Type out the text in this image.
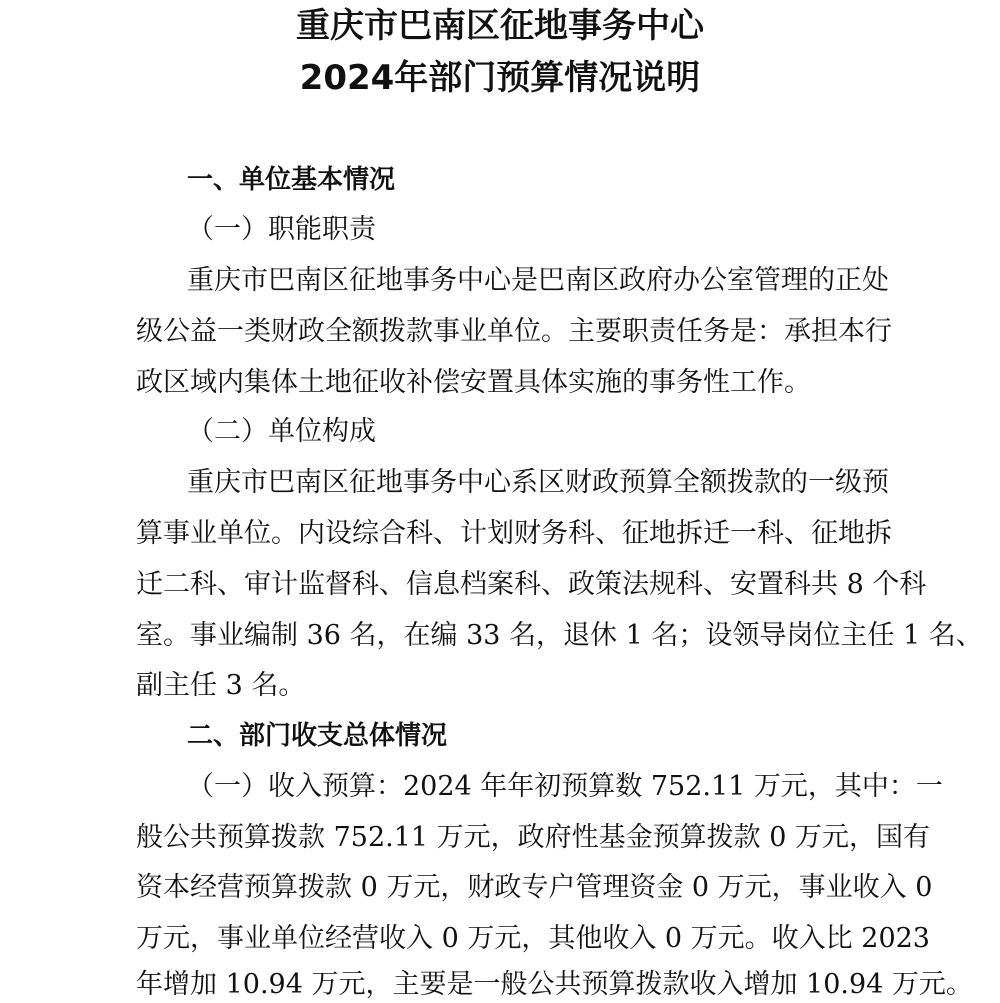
重庆市巴南区征地事务中心
2024年部门预算情况说明
一、单位基本情况
（一）职能职责
重庆市巴南区征地事务中心是巴南区政府办公室管理的正处
级公益一类财政全额拨款事业单位。主要职责任务是：承担本行
政区域内集体土地征收补偿安置具体实施的事务性工作。
（二）单位构成
重庆市巴南区征地事务中心系区财政预算全额拨款的一级预
算事业单位。内设综合科、计划财务科、征地拆迁一科、征地拆
迁二科、审计监督科、信息档案科、政策法规科、安置科共 8 个科
室。事业编制 36 名，在编 33 名，退休 1 名；设领导岗位主任 1 名、
副主任 3 名。
二、部门收支总体情况
（一）收入预算：2024 年年初预算数 752.11 万元，其中：一
般公共预算拨款 752.11 万元，政府性基金预算拨款 0 万元，国有
资本经营预算拨款 0 万元，财政专户管理资金 0 万元，事业收入 0
万元，事业单位经营收入 0 万元，其他收入 0 万元。收入比 2023
年增加 10.94 万元，主要是一般公共预算拨款收入增加 10.94 万元。
